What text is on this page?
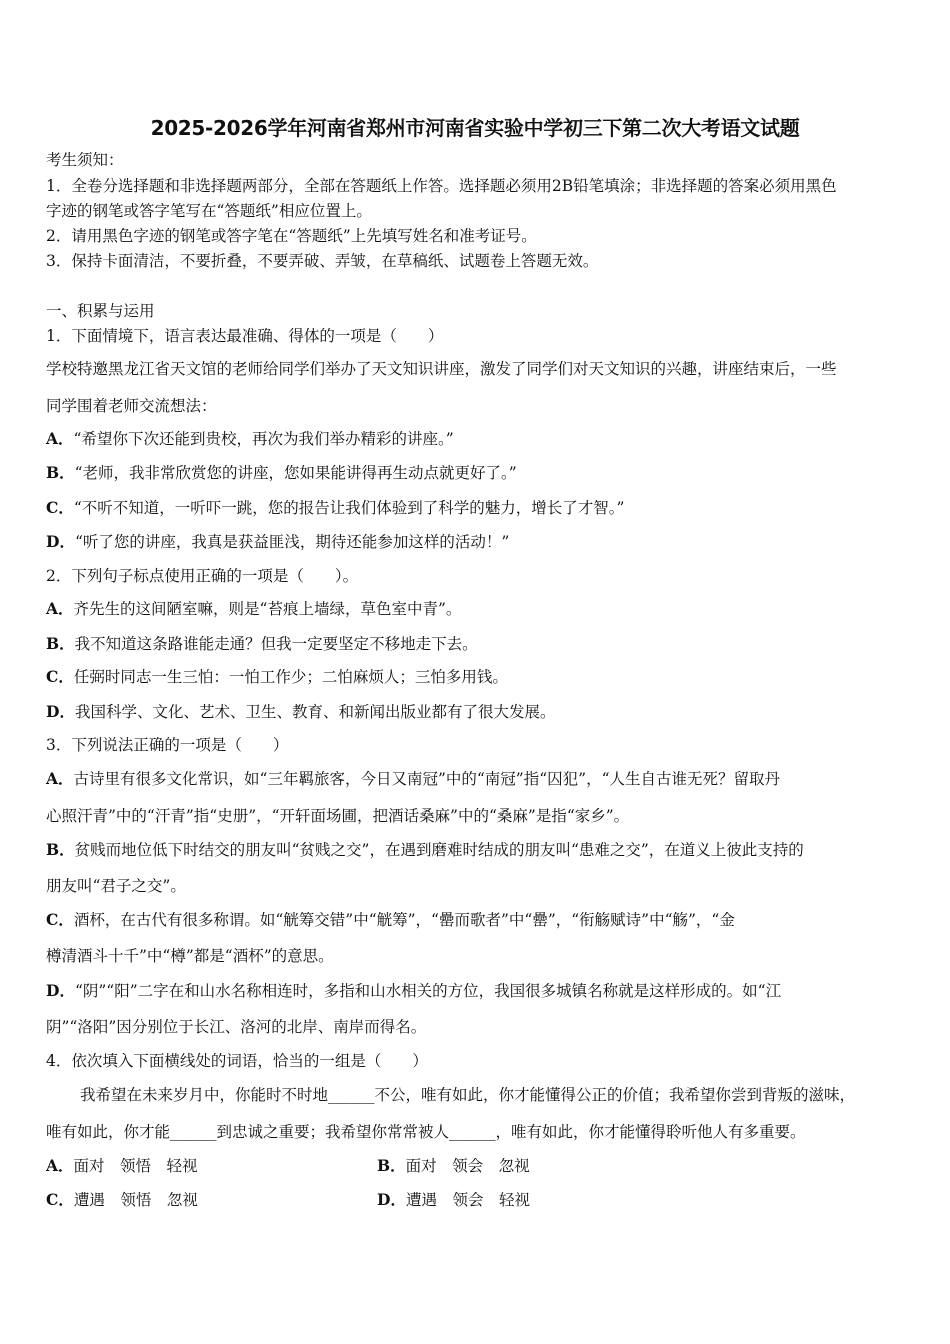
2025-2026学年河南省郑州市河南省实验中学初三下第二次大考语文试题
考生须知：
1．全卷分选择题和非选择题两部分，全部在答题纸上作答。选择题必须用2B铅笔填涂；非选择题的答案必须用黑色
字迹的钢笔或答字笔写在“答题纸”相应位置上。
2．请用黑色字迹的钢笔或答字笔在“答题纸”上先填写姓名和准考证号。
3．保持卡面清洁，不要折叠，不要弄破、弄皱，在草稿纸、试题卷上答题无效。
一、积累与运用
1．下面情境下，语言表达最准确、得体的一项是（　　）
学校特邀黑龙江省天文馆的老师给同学们举办了天文知识讲座，激发了同学们对天文知识的兴趣，讲座结束后，一些
同学围着老师交流想法：
A．“希望你下次还能到贵校，再次为我们举办精彩的讲座。”
B．“老师，我非常欣赏您的讲座，您如果能讲得再生动点就更好了。”
C．“不听不知道，一听吓一跳，您的报告让我们体验到了科学的魅力，增长了才智。”
D．“听了您的讲座，我真是获益匪浅，期待还能参加这样的活动！”
2．下列句子标点使用正确的一项是（　　）。
A．齐先生的这间陋室嘛，则是“苔痕上墙绿，草色室中青”。
B．我不知道这条路谁能走通？但我一定要坚定不移地走下去。
C．任弼时同志一生三怕：一怕工作少；二怕麻烦人；三怕多用钱。
D．我国科学、文化、艺术、卫生、教育、和新闻出版业都有了很大发展。
3．下列说法正确的一项是（　　）
A．古诗里有很多文化常识，如“三年羁旅客，今日又南冠”中的“南冠”指“囚犯”，“人生自古谁无死？留取丹
心照汗青”中的“汗青”指“史册”，“开轩面场圃，把酒话桑麻”中的“桑麻”是指“家乡”。
B．贫贱而地位低下时结交的朋友叫“贫贱之交”，在遇到磨难时结成的朋友叫“患难之交”，在道义上彼此支持的
朋友叫“君子之交”。
C．酒杯，在古代有很多称谓。如“觥筹交错”中“觥筹”，“罍而歌者”中“罍”，“衔觞赋诗”中“觞”，“金
樽清酒斗十千”中“樽”都是“酒杯”的意思。
D．“阴”“阳”二字在和山水名称相连时，多指和山水相关的方位，我国很多城镇名称就是这样形成的。如“江
阴”“洛阳”因分别位于长江、洛河的北岸、南岸而得名。
4．依次填入下面横线处的词语，恰当的一组是（　　）
我希望在未来岁月中，你能时不时地______不公，唯有如此，你才能懂得公正的价值；我希望你尝到背叛的滋味，
唯有如此，你才能______到忠诚之重要；我希望你常常被人______，唯有如此，你才能懂得聆听他人有多重要。
A．面对　领悟　轻视	B．面对　领会　忽视
C．遭遇　领悟　忽视	D．遭遇　领会　轻视
